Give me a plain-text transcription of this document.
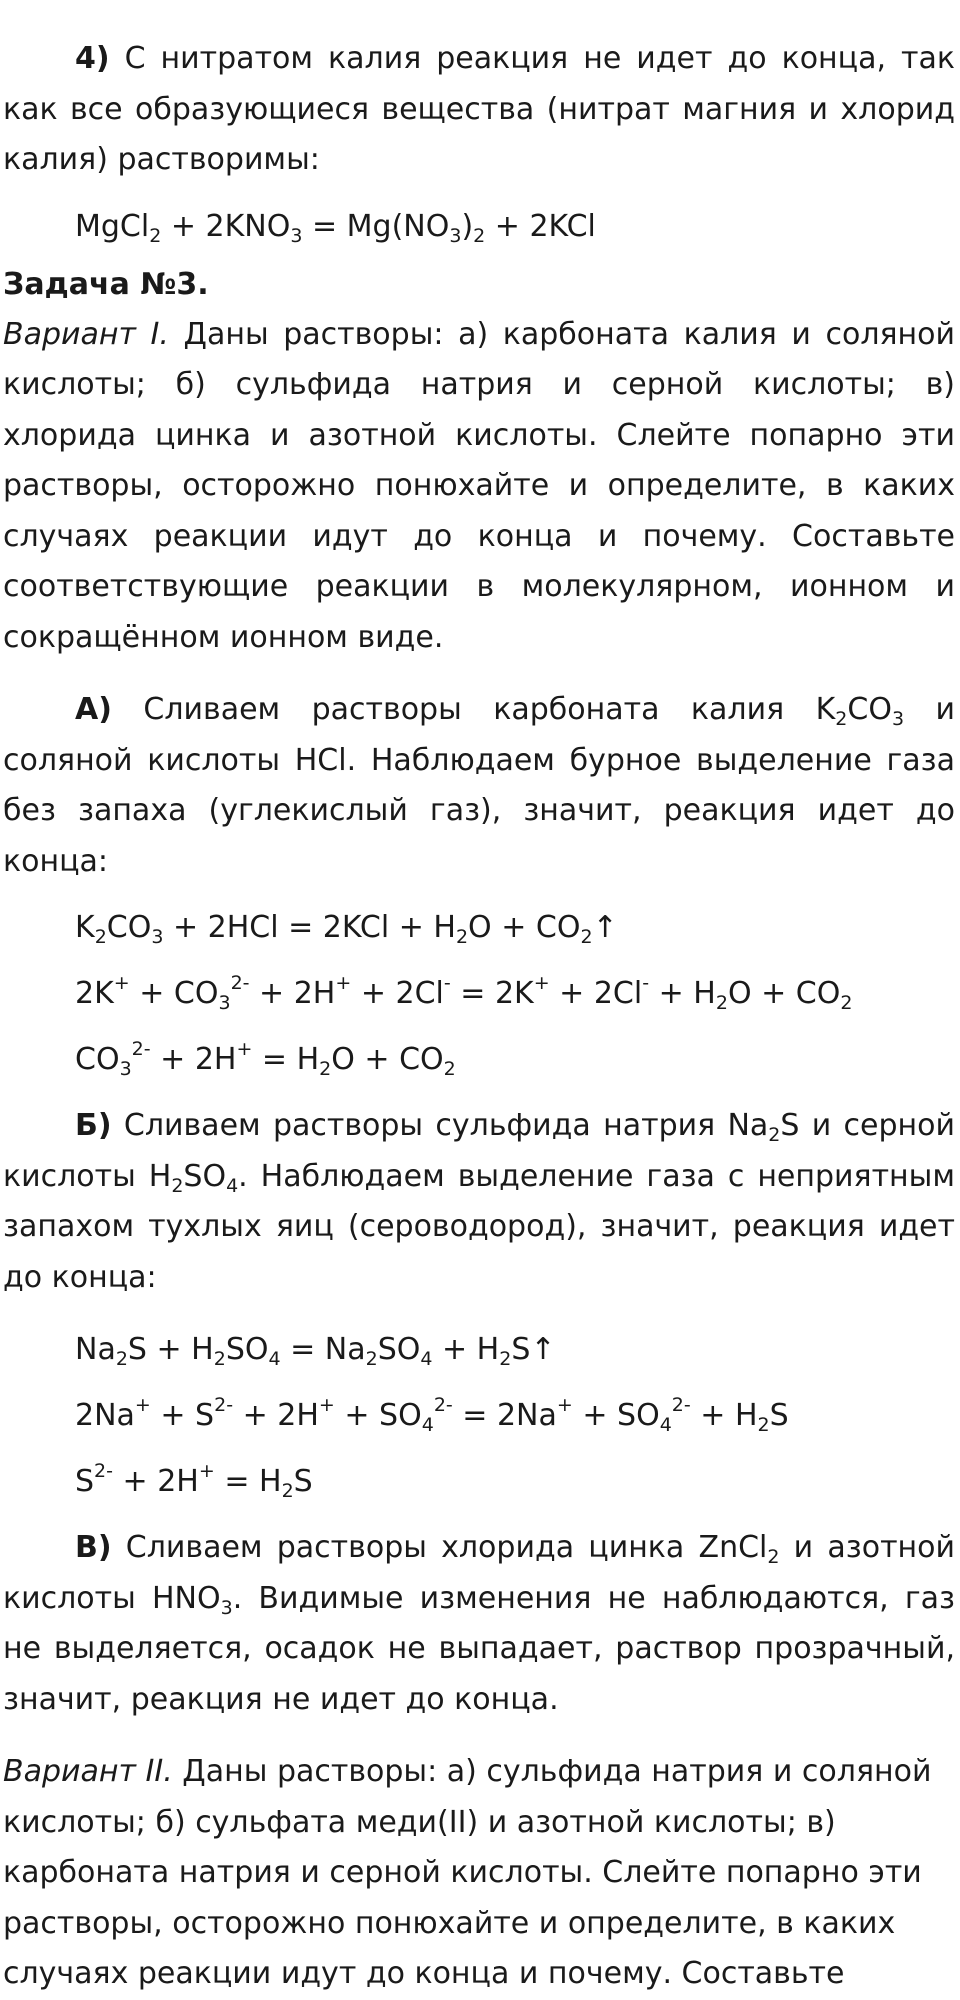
4) С нитратом калия реакция не идет до конца, так как все образующиеся вещества (нитрат магния и хлорид калия) растворимы:

MgCl$_2$ + $2KNO_3 = Mg(NO_3)_2 + 2KCl$

Задача №3.

Вариант I. Даны растворы: а) карбоната калия и соляной кислоты; б) сульфида натрия и серной кислоты; в) хлорида цинка и азотной кислоты. Слейте попарно эти растворы, осторожно понюхайте и определите, в каких случаях реакции идут до конца и почему. Составьте соответствующие реакции в молекулярном, ионном и сокращённом ионном виде.

А) Сливаем растворы карбоната калия $K_2CO_3$ и соляной кислоты HCl. Наблюдаем бурное выделение газа без запаха (углекислый газ), значит, реакция идет до конца:

$K_2CO_3 + 2HCl = 2KCl + H_2O$ + $CO_2↑$

$2K^+ + CO_3^{2-} + 2H^+ + 2Cl^- = 2K^+ + 2Cl^- + H_2O + CO_2$

$CO_3^{2-} + 2H^+ = H_2O + CO_2$

Б) Сливаем растворы сульфида натрия $Na_2S$ и серной кислоты $H_2SO_4$. Наблюдаем выделение газа с неприятным запахом тухлых яиц (сероводород), значит, реакция идет до конца:

$Na_2S + H_2SO_4 = Na_2SO_4$ + $H_2S↑$

$2Na^+ + S^{2-} + 2H^+ + SO_4^{2-} = 2Na^+ + SO_4^{2-} + H_2S$

$S^{2-} + 2H^+ = H_2S$

В) Сливаем растворы хлорида цинка ZnCl$_2$ и азотной кислоты $HNO_3$. Видимые изменения не наблюдаются, газ не выделяется, осадок не выпадает, раствор прозрачный, значит, реакция не идет до конца.

Вариант II. Даны растворы: а) сульфида натрия и соляной кислоты; б) сульфата меди(II) и азотной кислоты; в) карбоната натрия и серной кислоты. Слейте попарно эти растворы, осторожно понюхайте и определите, в каких случаях реакции идут до конца и почему. Составьте
